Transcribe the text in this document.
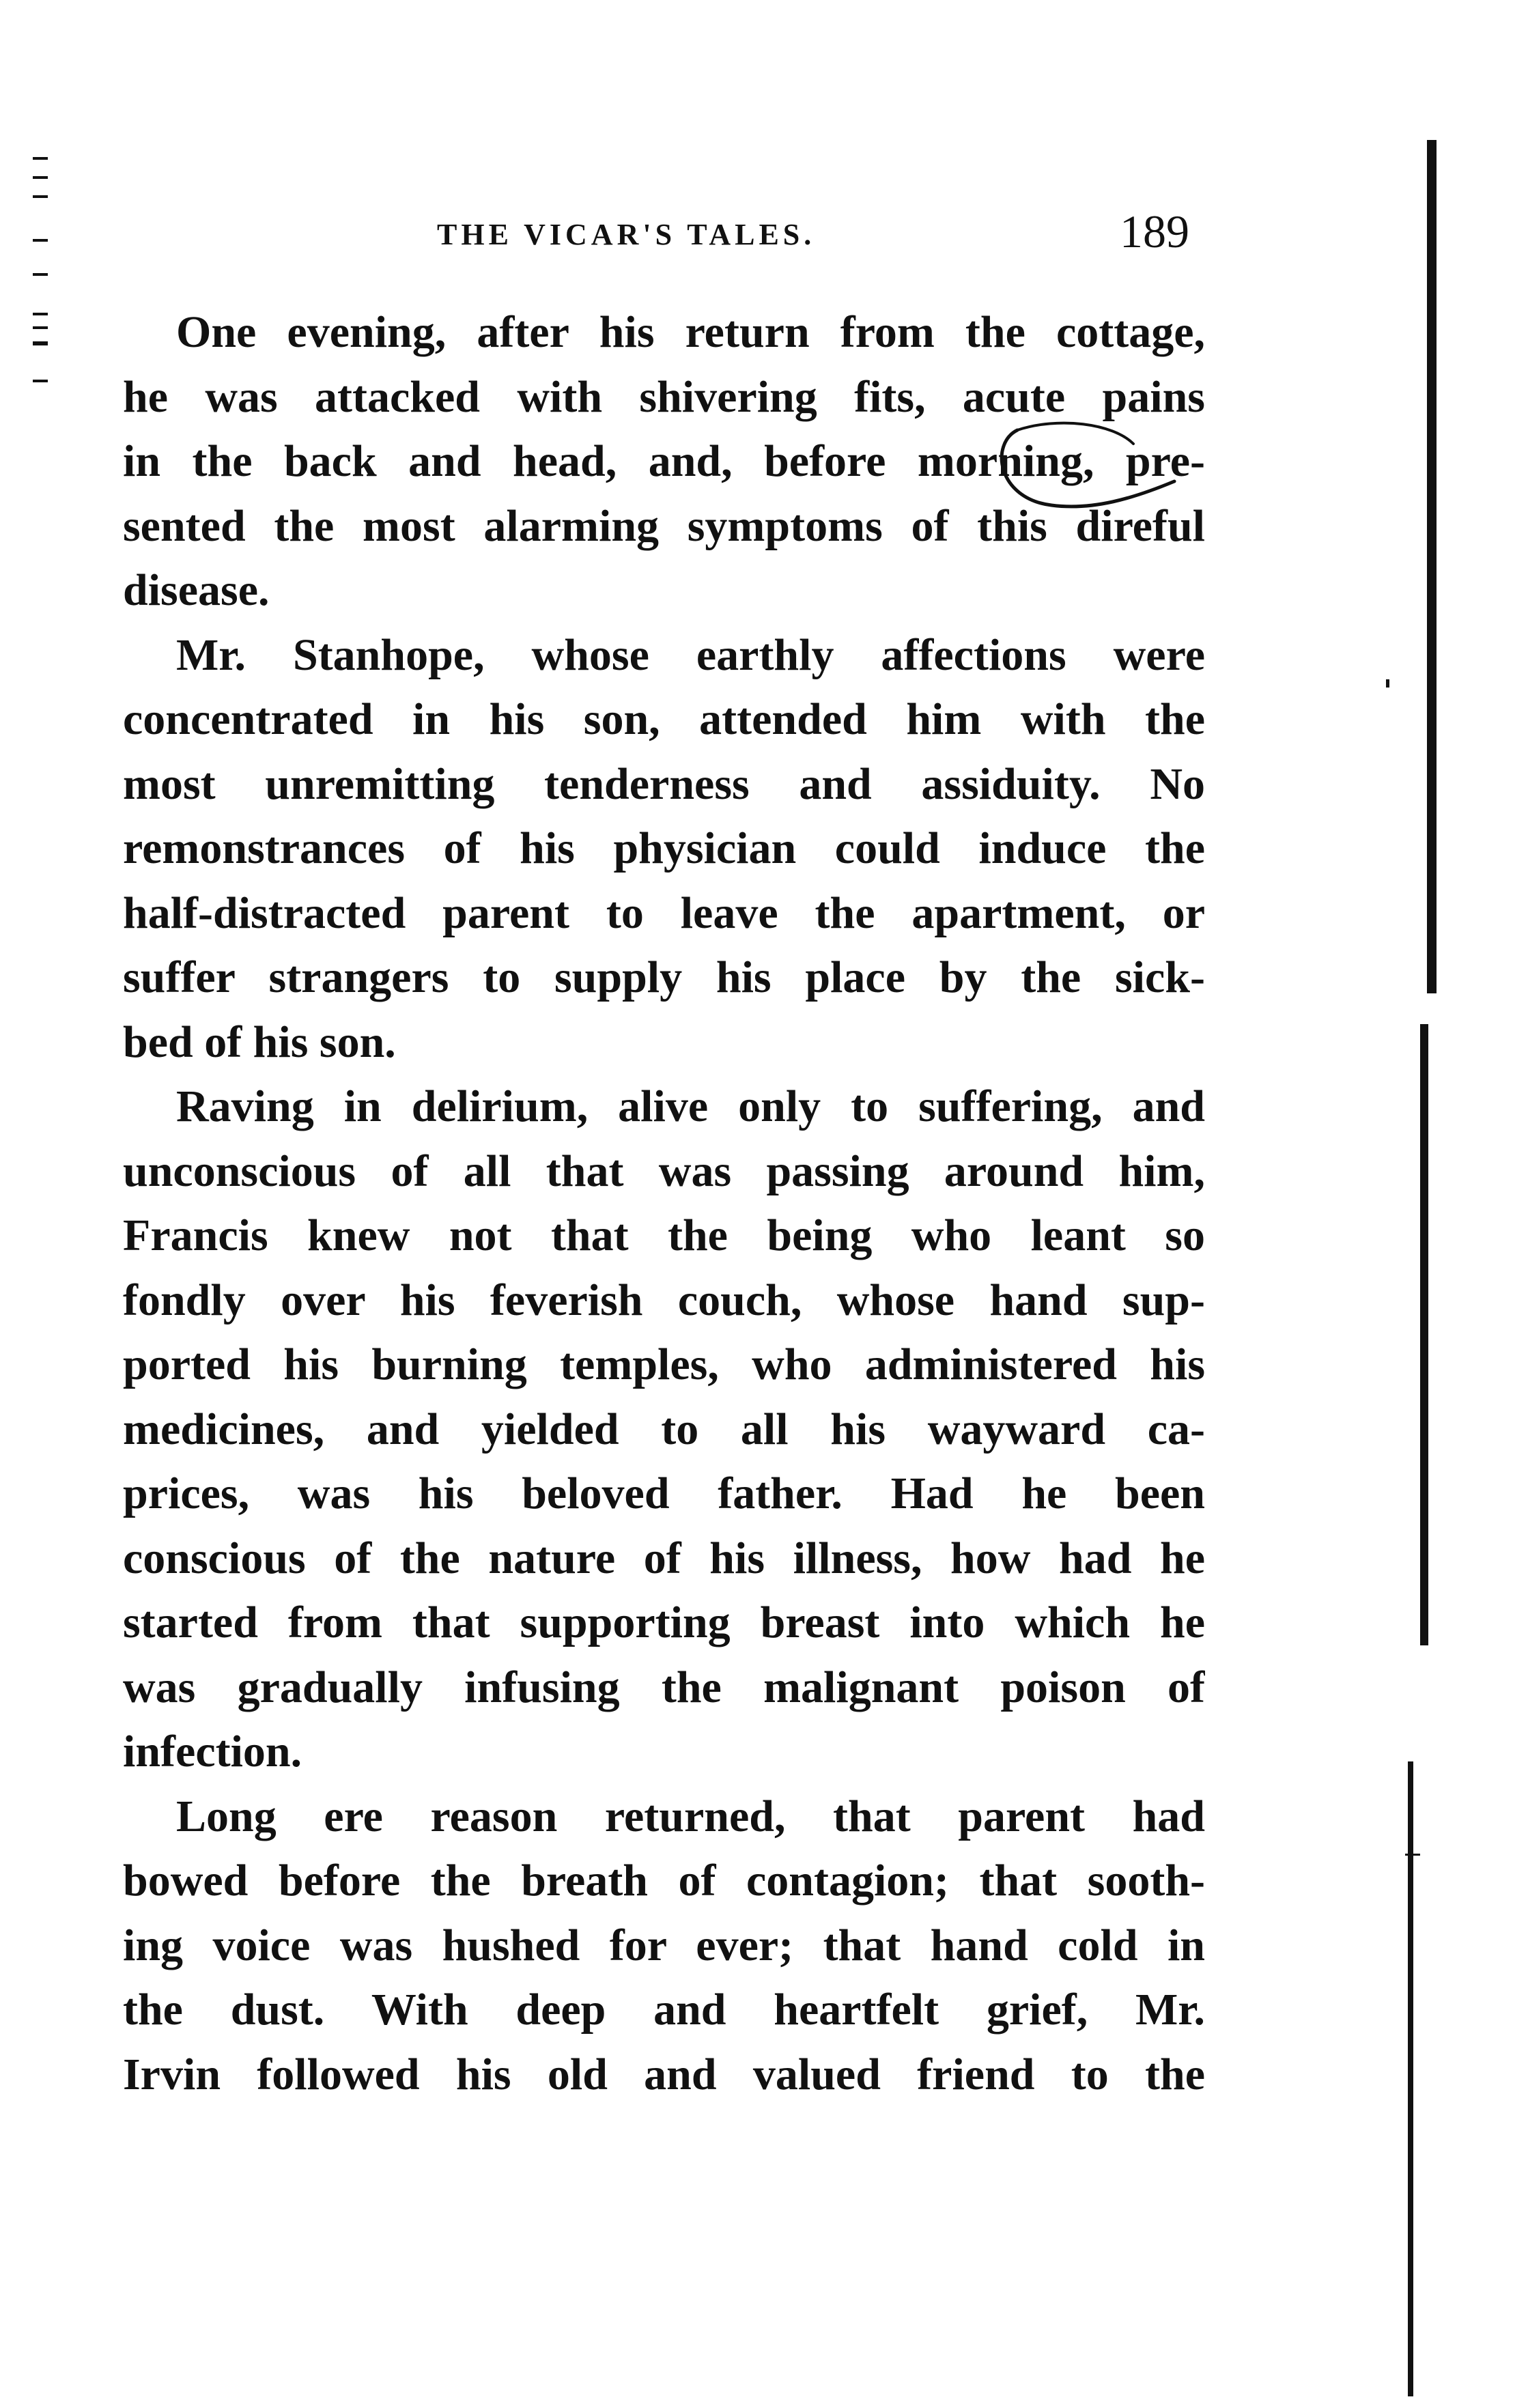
THE VICAR'S TALES.	189
One evening, after his return from the cottage,
he was attacked with shivering fits, acute pains
in the back and head, and, before morning, pre-
sented the most alarming symptoms of this direful
disease.
Mr. Stanhope, whose earthly affections were
concentrated in his son, attended him with the
most unremitting tenderness and assiduity. No
remonstrances of his physician could induce the
half-distracted parent to leave the apartment, or
suffer strangers to supply his place by the sick-
bed of his son.
Raving in delirium, alive only to suffering, and
unconscious of all that was passing around him,
Francis knew not that the being who leant so
fondly over his feverish couch, whose hand sup-
ported his burning temples, who administered his
medicines, and yielded to all his wayward ca-
prices, was his beloved father. Had he been
conscious of the nature of his illness, how had he
started from that supporting breast into which he
was gradually infusing the malignant poison of
infection.
Long ere reason returned, that parent had
bowed before the breath of contagion; that sooth-
ing voice was hushed for ever; that hand cold in
the dust. With deep and heartfelt grief, Mr.
Irvin followed his old and valued friend to the
